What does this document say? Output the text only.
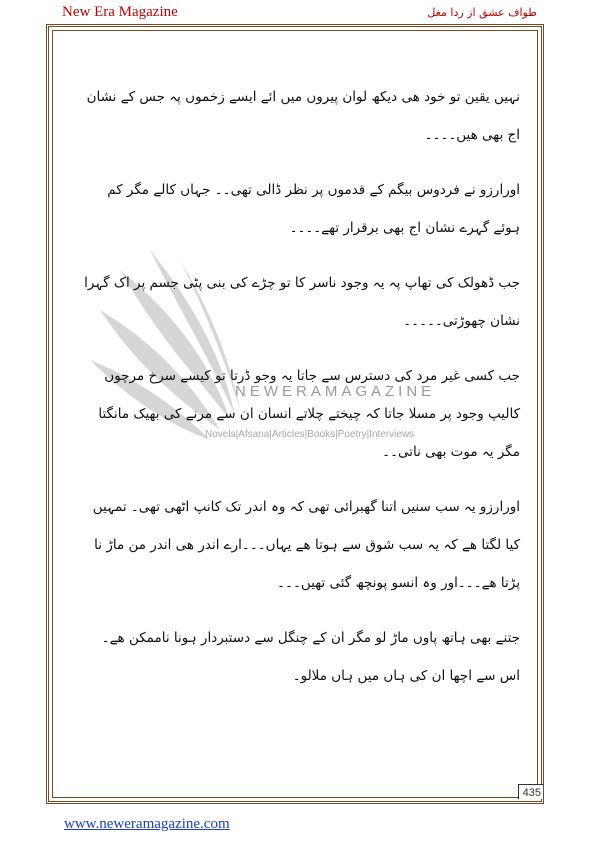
New Era Magazine	طواف عشق از ردا مغل
NEWERAMAGAZINE
Novels|Afsana|Articles|Books|Poetry|Interviews

نہیں یقین تو خود ھی دیکھ لوان پیروں میں ائے ایسے زخموں پہ جس کے نشان اج بھی ھیں۔۔۔۔

اورارزو نے فردوس بیگم کے قدموں پر نظر ڈالی تھی۔۔ جہاں کالے مگر کم ہوئے گہرے نشان اج بھی برقرار تھے۔۔۔۔

جب ڈھولک کی تھاپ پہ یہ وجود ناسر کا تو چڑے کی بنی پٹی جسم پر اک گہرا نشان چھوڑتی۔۔۔۔۔

جب کسی غیر مرد کی دسترس سے جاتا یہ وجو ڈرتا تو کیسے سرخ مرچوں کالیپ وجود پر مسلا جاتا کہ چیختے چلاتے انسان ان سے مرنے کی بھیک مانگتا مگر یہ موت بھی ناتی۔۔

اورارزو یہ سب سنیں اتنا گھبرائی تھی کہ وہ اندر تک کانپ اٹھی تھی۔ تمہیں کیا لگتا ھے کہ یہ سب شوق سے ہوتا ھے یہاں۔۔۔ارے اندر ھی اندر من ماڑ نا پڑتا ھے۔۔۔اور وہ انسو پونچھ گئی تھیں۔۔۔

جتنے بھی ہاتھ پاوں ماڑ لو مگر ان کے چنگل سے دستبردار ہونا ناممکن ھے۔ اس سے اچھا ان کی ہاں میں ہاں ملالو۔

435
www.neweramagazine.com
